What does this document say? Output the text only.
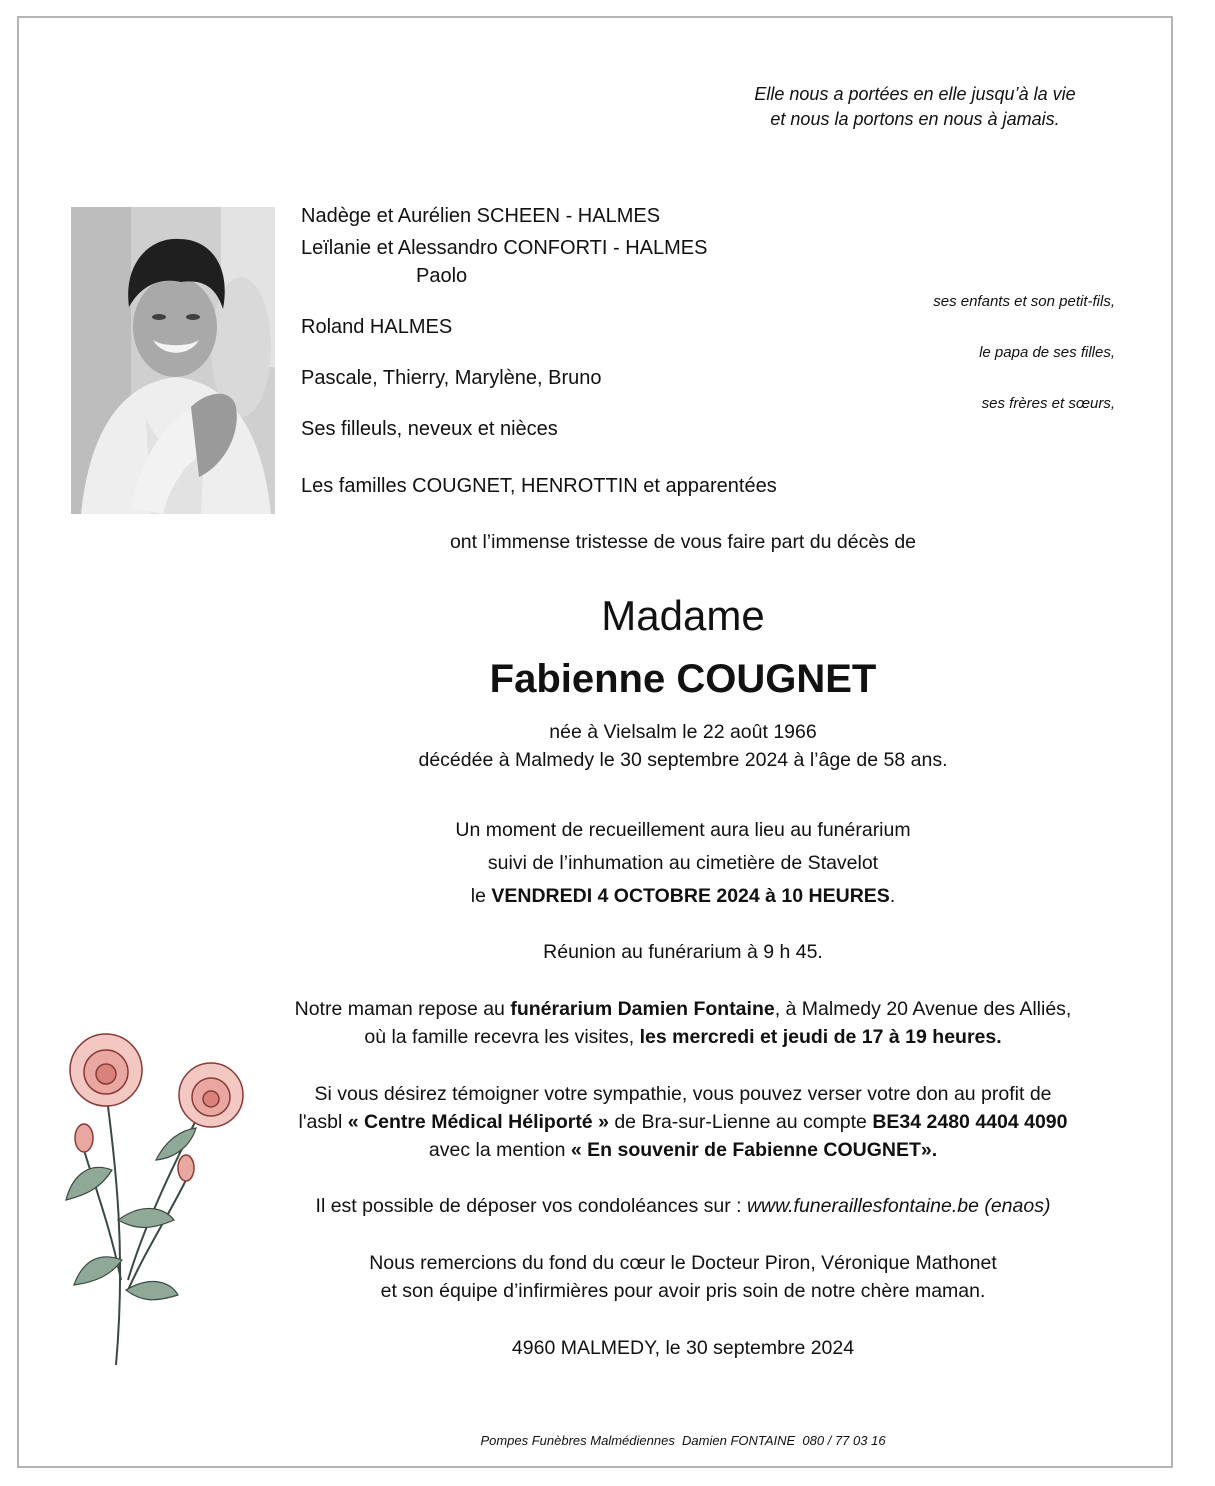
Elle nous a portées en elle jusqu’à la vie
et nous la portons en nous à jamais.
Nadège et Aurélien SCHEEN - HALMES
Leïlanie et Alessandro CONFORTI - HALMES
Paolo
ses enfants et son petit-fils,
Roland HALMES
le papa de ses filles,
Pascale, Thierry, Marylène, Bruno
ses frères et sœurs,
Ses filleuls, neveux et nièces
Les familles COUGNET, HENROTTIN et apparentées
ont l’immense tristesse de vous faire part du décès de
Madame
Fabienne COUGNET
née à Vielsalm le 22 août 1966
décédée à Malmedy le 30 septembre 2024 à l’âge de 58 ans.
Un moment de recueillement aura lieu au funérarium
suivi de l’inhumation au cimetière de Stavelot
le VENDREDI 4 OCTOBRE 2024 à 10 HEURES.
Réunion au funérarium à 9 h 45.
Notre maman repose au funérarium Damien Fontaine, à Malmedy 20 Avenue des Alliés,
où la famille recevra les visites, les mercredi et jeudi de 17 à 19 heures.
Si vous désirez témoigner votre sympathie, vous pouvez verser votre don au profit de
l'asbl « Centre Médical Héliporté » de Bra-sur-Lienne au compte BE34 2480 4404 4090
avec la mention « En souvenir de Fabienne COUGNET».
Il est possible de déposer vos condoléances sur : www.funeraillesfontaine.be (enaos)
Nous remercions du fond du cœur le Docteur Piron, Véronique Mathonet
et son équipe d’infirmières pour avoir pris soin de notre chère maman.
4960 MALMEDY, le 30 septembre 2024
Pompes Funèbres Malmédiennes  Damien FONTAINE  080 / 77 03 16
